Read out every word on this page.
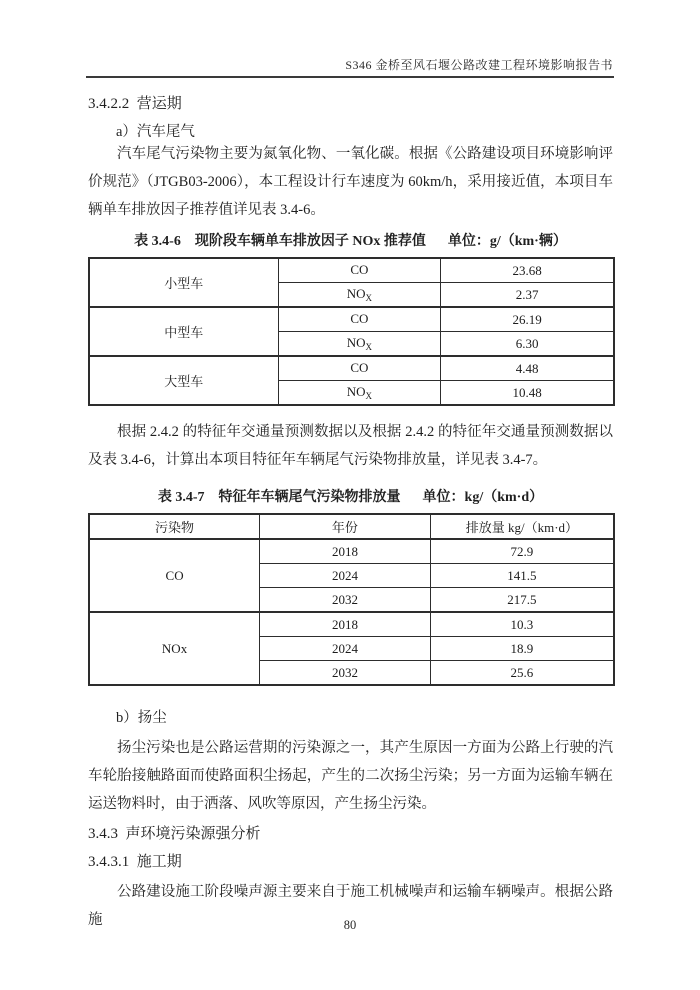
S346 金桥至风石堰公路改建工程环境影响报告书
3.4.2.2  营运期
a）汽车尾气
汽车尾气污染物主要为氮氧化物、一氧化碳。根据《公路建设项目环境影响评价规范》（JTGB03-2006），本工程设计行车速度为 60km/h，采用接近值，本项目车辆单车排放因子推荐值详见表 3.4-6。
表 3.4-6 现阶段车辆单车排放因子 NOx 推荐值 单位：g/（km·辆）
小型车	CO	23.68
	$NO_X$	2.37
中型车	CO	26.19
	$NO_X$	6.30
大型车	CO	4.48
	$NO_X$	10.48
根据 2.4.2 的特征年交通量预测数据以及根据 2.4.2 的特征年交通量预测数据以及表 3.4-6，计算出本项目特征年车辆尾气污染物排放量，详见表 3.4-7。
表 3.4-7 特征年车辆尾气污染物排放量 单位：kg/（km·d）
污染物	年份	排放量 kg/（km·d）
CO	2018	72.9
	2024	141.5
	2032	217.5
NOx	2018	10.3
	2024	18.9
	2032	25.6
b）扬尘
扬尘污染也是公路运营期的污染源之一，其产生原因一方面为公路上行驶的汽车轮胎接触路面而使路面积尘扬起，产生的二次扬尘污染；另一方面为运输车辆在运送物料时，由于洒落、风吹等原因，产生扬尘污染。
3.4.3  声环境污染源强分析
3.4.3.1  施工期
公路建设施工阶段噪声源主要来自于施工机械噪声和运输车辆噪声。根据公路施	80
